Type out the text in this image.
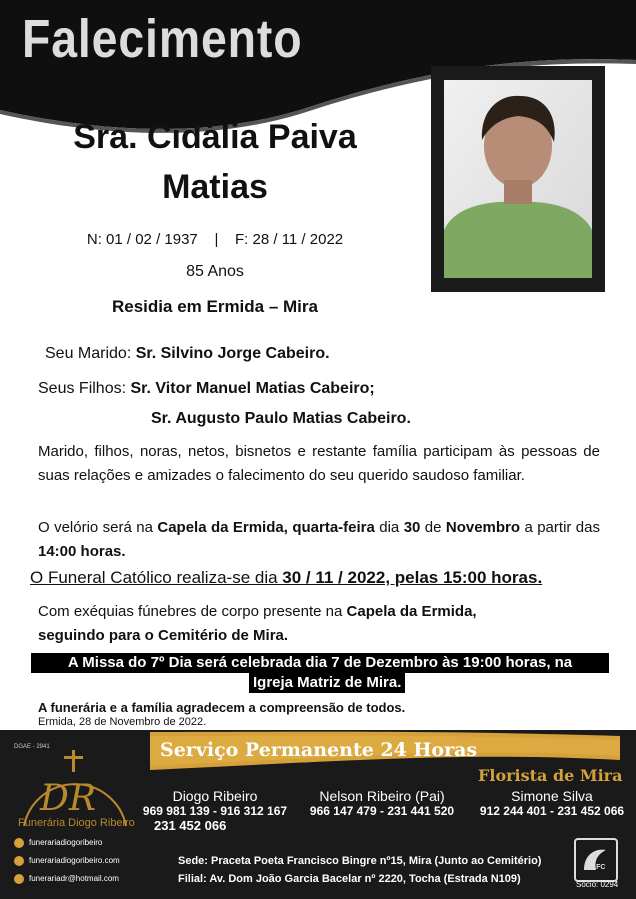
Falecimento
Sra. Cidália Paiva
Matias
N: 01 / 02 / 1937    |    F: 28 / 11 / 2022
85 Anos
Residia em Ermida – Mira
Seu Marido: Sr. Silvino Jorge Cabeiro.
Seus Filhos: Sr. Vitor Manuel Matias Cabeiro;
Sr. Augusto Paulo Matias Cabeiro.
Marido, filhos, noras, netos, bisnetos e restante família participam às pessoas de suas relações e amizades o falecimento do seu querido saudoso familiar.
O velório será na Capela da Ermida, quarta-feira dia 30 de Novembro a partir das 14:00 horas.
O Funeral Católico realiza-se dia 30 / 11 / 2022, pelas 15:00 horas.
Com exéquias fúnebres de corpo presente na Capela da Ermida,
seguindo para o Cemitério de Mira.
A Missa do 7º Dia será celebrada dia 7 de Dezembro às 19:00 horas, na
Igreja Matriz de Mira.
A funerária e a família agradecem a compreensão de todos.
Ermida, 28 de Novembro de 2022.
DGAE - 2941	Serviço Permanente 24 Horas
DR
Funerária Diogo Ribeiro
Florista de Mira
Diogo Ribeiro
969 981 139 - 916 312 167
231 452 066
Nelson Ribeiro (Pai)
966 147 479 - 231 441 520
Simone Silva
912 244 401 - 231 452 066
funerariadiogoribeiro
funerariadiogoribeiro.com
funerariadr@hotmail.com
Sede: Praceta Poeta Francisco Bingre nº15, Mira (Junto ao Cemitério)
Filial: Av. Dom João Garcia Bacelar nº 2220, Tocha (Estrada N109)
AAFC
Sócio: 0294
